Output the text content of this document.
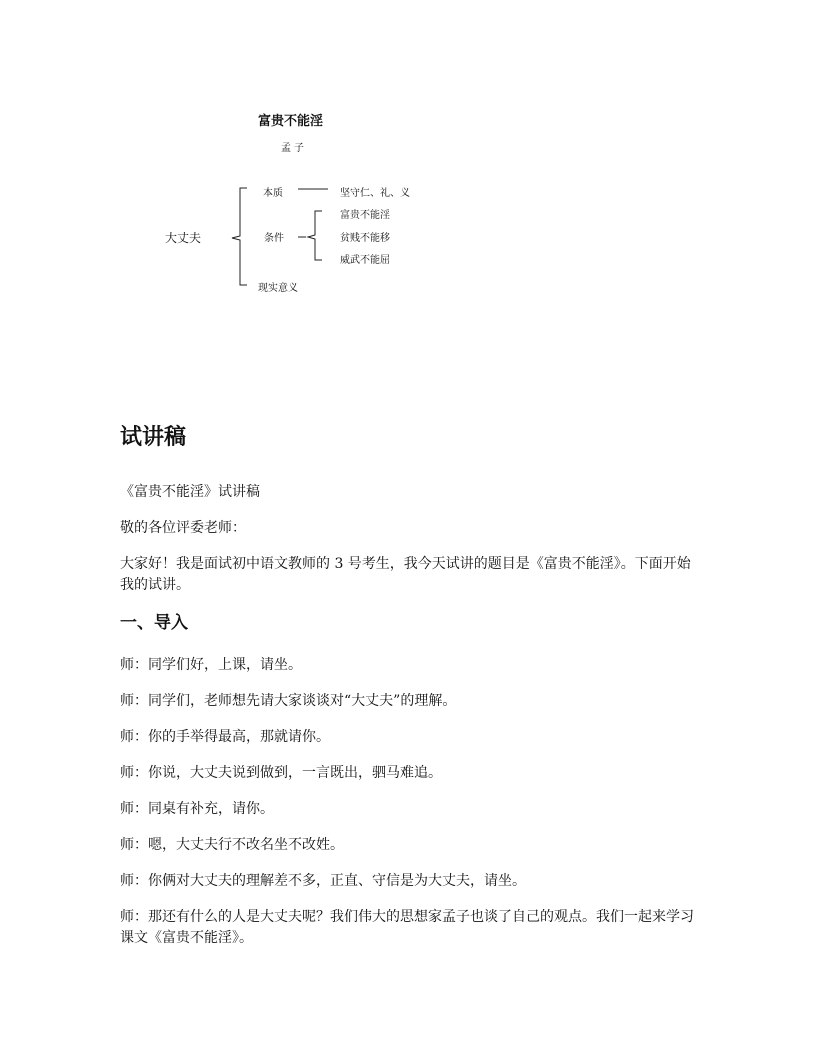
富贵不能淫
孟子
大丈夫
本质	坚守仁、礼、义
条件
富贵不能淫
贫贱不能移
威武不能屈
现实意义
试讲稿

《富贵不能淫》试讲稿

敬的各位评委老师：

大家好！我是面试初中语文教师的 3 号考生，我今天试讲的题目是《富贵不能淫》。下面开始我的试讲。

一、导入

师：同学们好，上课，请坐。

师：同学们，老师想先请大家谈谈对“大丈夫”的理解。

师：你的手举得最高，那就请你。

师：你说，大丈夫说到做到，一言既出，驷马难追。

师：同桌有补充，请你。

师：嗯，大丈夫行不改名坐不改姓。

师：你俩对大丈夫的理解差不多，正直、守信是为大丈夫，请坐。

师：那还有什么的人是大丈夫呢？我们伟大的思想家孟子也谈了自己的观点。我们一起来学习课文《富贵不能淫》。
